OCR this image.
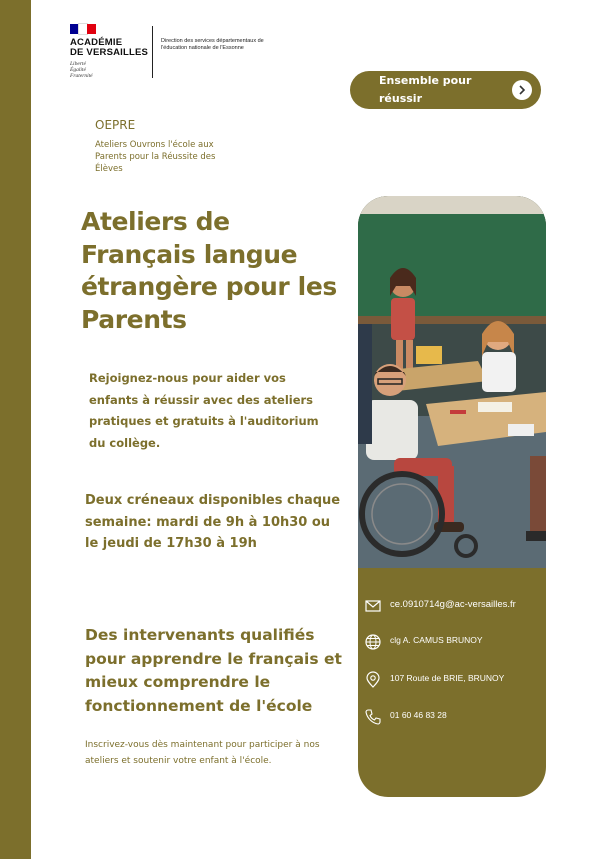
ACADÉMIE
DE VERSAILLES
Liberté
Égalité
Fraternité
Direction des services départementaux de l'éducation nationale de l'Essonne
Ensemble pour réussir
OEPRE
Ateliers Ouvrons l'école aux Parents pour la Réussite des Élèves
Ateliers de Français langue étrangère pour les Parents
Rejoignez-nous pour aider vos enfants à réussir avec des ateliers pratiques et gratuits à l'auditorium du collège.
Deux créneaux disponibles chaque semaine: mardi de 9h à 10h30 ou le jeudi de 17h30 à 19h
Des intervenants qualifiés pour apprendre le français et mieux comprendre le fonctionnement de l'école
Inscrivez-vous dès maintenant pour participer à nos ateliers et soutenir votre enfant à l'école.
ce.0910714g@ac-versailles.fr
clg A. CAMUS BRUNOY
107 Route de BRIE, BRUNOY
01 60 46 83 28
